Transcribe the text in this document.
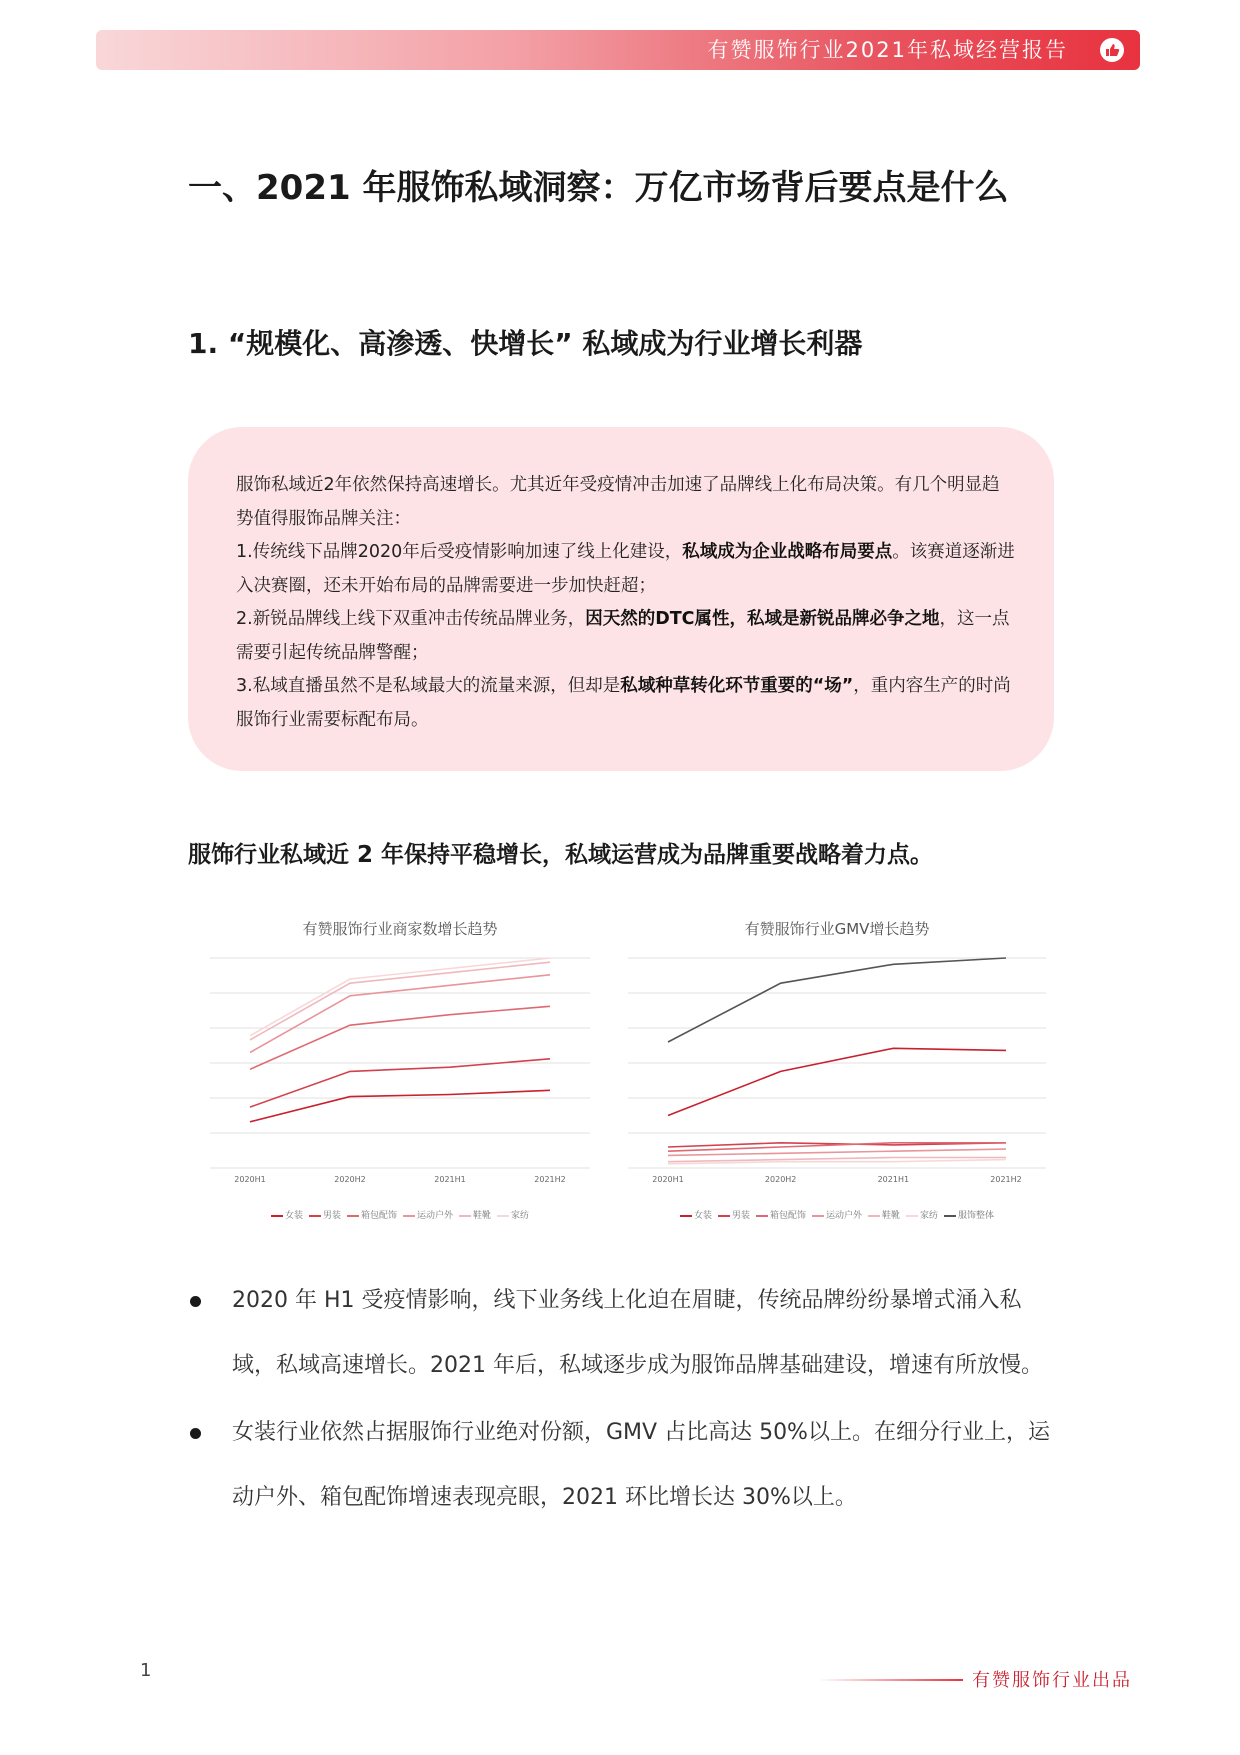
有赞服饰行业2021年私域经营报告
一、2021 年服饰私域洞察：万亿市场背后要点是什么
1. “规模化、高渗透、快增长” 私域成为行业增长利器

服饰私域近2年依然保持高速增长。尤其近年受疫情冲击加速了品牌线上化布局决策。有几个明显趋势值得服饰品牌关注：

1.传统线下品牌2020年后受疫情影响加速了线上化建设，私域成为企业战略布局要点。该赛道逐渐进入决赛圈，还未开始布局的品牌需要进一步加快赶超；

2.新锐品牌线上线下双重冲击传统品牌业务，因天然的DTC属性，私域是新锐品牌必争之地，这一点需要引起传统品牌警醒；

3.私域直播虽然不是私域最大的流量来源，但却是私域种草转化环节重要的“场”，重内容生产的时尚服饰行业需要标配布局。

服饰行业私域近 2 年保持平稳增长，私域运营成为品牌重要战略着力点。
有赞服饰行业商家数增长趋势
2020H1	2020H2	2021H1	2021H2
女装 男装 箱包配饰 运动户外 鞋靴 家纺
有赞服饰行业GMV增长趋势
2020H1	2020H2	2021H1	2021H2
女装 男装 箱包配饰 运动户外 鞋靴 家纺 服饰整体
2020 年 H1 受疫情影响，线下业务线上化迫在眉睫，传统品牌纷纷暴增式涌入私域，私域高速增长。2021 年后，私域逐步成为服饰品牌基础建设，增速有所放慢。
女装行业依然占据服饰行业绝对份额，GMV 占比高达 50%以上。在细分行业上，运动户外、箱包配饰增速表现亮眼，2021 环比增长达 30%以上。
1	有赞服饰行业出品
